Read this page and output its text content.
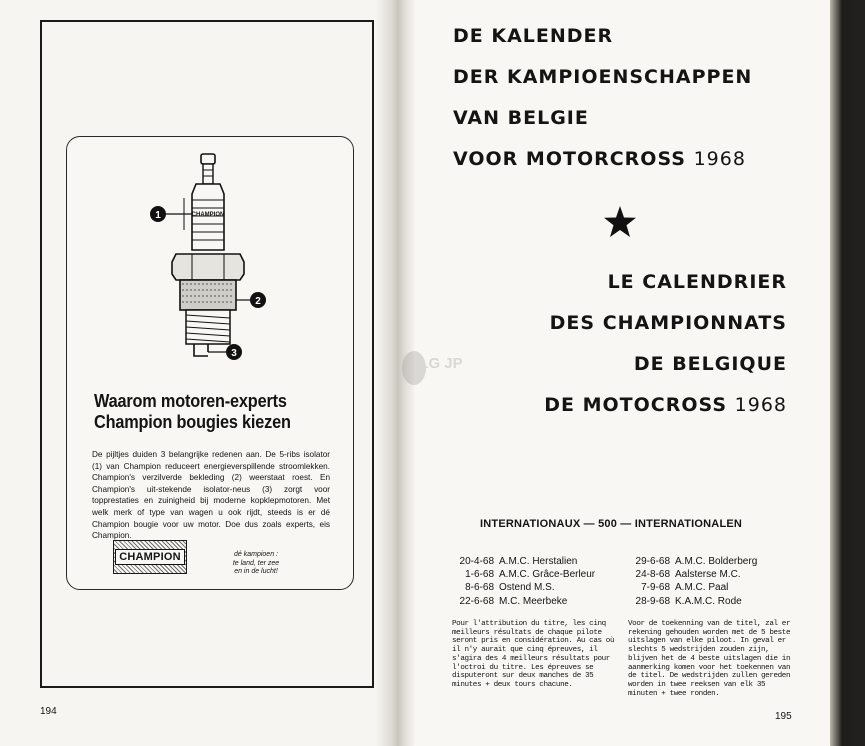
CHAMPION
1
2
3
Waarom motoren-experts
Champion bougies kiezen
De pijltjes duiden 3 belangrijke redenen aan. De 5-ribs isolator (1) van Champion reduceert energieverspillende stroomlekken. Champion's verzilverde bekleding (2) weerstaat roest. En Champion's uit-stekende isolator-neus (3) zorgt voor topprestaties en zuinigheid bij moderne kopklepmotoren. Met welk merk of type van wagen u ook rijdt, steeds is er dé Champion bougie voor uw motor. Doe dus zoals experts, eis Champion.
CHAMPION	dé kampioen :
te land, ter zee
en in de lucht!
194
DE KALENDER
DER KAMPIOENSCHAPPEN
VAN BELGIE
VOOR MOTORCROSS 1968
LE CALENDRIER
DES CHAMPIONNATS
DE BELGIQUE
DE MOTOCROSS 1968
LG JP
INTERNATIONAUX — 500 — INTERNATIONALEN
20-4-68 A.M.C. Herstalien
1-6-68 A.M.C. Grâce-Berleur
8-6-68 Ostend M.S.
22-6-68 M.C. Meerbeke
29-6-68 A.M.C. Bolderberg
24-8-68 Aalsterse M.C.
7-9-68 A.M.C. Paal
28-9-68 K.A.M.C. Rode
Pour l'attribution du titre, les cinq meilleurs résultats de chaque pilote seront pris en considération. Au cas où il n'y aurait que cinq épreuves, il s'agira des 4 meilleurs résultats pour l'octroi du titre. Les épreuves se disputeront sur deux manches de 35 minutes + deux tours chacune.
Voor de toekenning van de titel, zal er rekening gehouden worden met de 5 beste uitslagen van elke piloot. In geval er slechts 5 wedstrijden zouden zijn, blijven het de 4 beste uitslagen die in aanmerking komen voor het toekennen van de titel. De wedstrijden zullen gereden worden in twee reeksen van elk 35 minuten + twee ronden.
195
